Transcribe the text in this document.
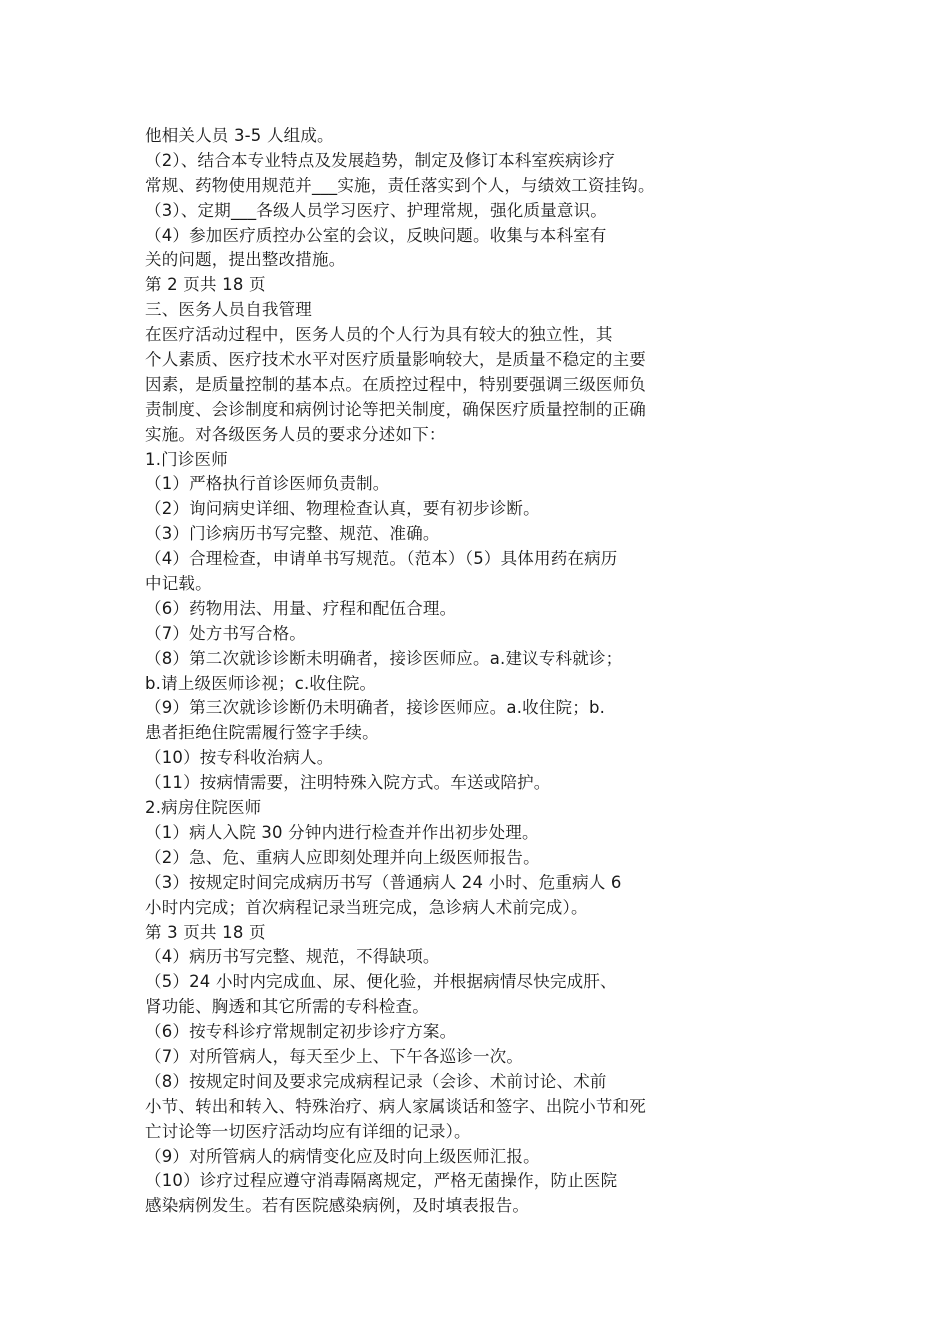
他相关人员 3-5 人组成。
（2）、结合本专业特点及发展趋势，制定及修订本科室疾病诊疗
常规、药物使用规范并___实施，责任落实到个人，与绩效工资挂钩。
（3）、定期___各级人员学习医疗、护理常规，强化质量意识。
（4）参加医疗质控办公室的会议，反映问题。收集与本科室有
关的问题，提出整改措施。
第 2 页共 18 页
三、医务人员自我管理
在医疗活动过程中，医务人员的个人行为具有较大的独立性，其
个人素质、医疗技术水平对医疗质量影响较大，是质量不稳定的主要
因素，是质量控制的基本点。在质控过程中，特别要强调三级医师负
责制度、会诊制度和病例讨论等把关制度，确保医疗质量控制的正确
实施。对各级医务人员的要求分述如下：
1.门诊医师
（1）严格执行首诊医师负责制。
（2）询问病史详细、物理检查认真，要有初步诊断。
（3）门诊病历书写完整、规范、准确。
（4）合理检查，申请单书写规范。（范本）（5）具体用药在病历
中记载。
（6）药物用法、用量、疗程和配伍合理。
（7）处方书写合格。
（8）第二次就诊诊断未明确者，接诊医师应。a.建议专科就诊；
b.请上级医师诊视；c.收住院。
（9）第三次就诊诊断仍未明确者，接诊医师应。a.收住院；b.
患者拒绝住院需履行签字手续。
（10）按专科收治病人。
（11）按病情需要，注明特殊入院方式。车送或陪护。
2.病房住院医师
（1）病人入院 30 分钟内进行检查并作出初步处理。
（2）急、危、重病人应即刻处理并向上级医师报告。
（3）按规定时间完成病历书写（普通病人 24 小时、危重病人 6
小时内完成；首次病程记录当班完成，急诊病人术前完成）。
第 3 页共 18 页
（4）病历书写完整、规范，不得缺项。
（5）24 小时内完成血、尿、便化验，并根据病情尽快完成肝、
肾功能、胸透和其它所需的专科检查。
（6）按专科诊疗常规制定初步诊疗方案。
（7）对所管病人，每天至少上、下午各巡诊一次。
（8）按规定时间及要求完成病程记录（会诊、术前讨论、术前
小节、转出和转入、特殊治疗、病人家属谈话和签字、出院小节和死
亡讨论等一切医疗活动均应有详细的记录）。
（9）对所管病人的病情变化应及时向上级医师汇报。
（10）诊疗过程应遵守消毒隔离规定，严格无菌操作，防止医院
感染病例发生。若有医院感染病例，及时填表报告。
